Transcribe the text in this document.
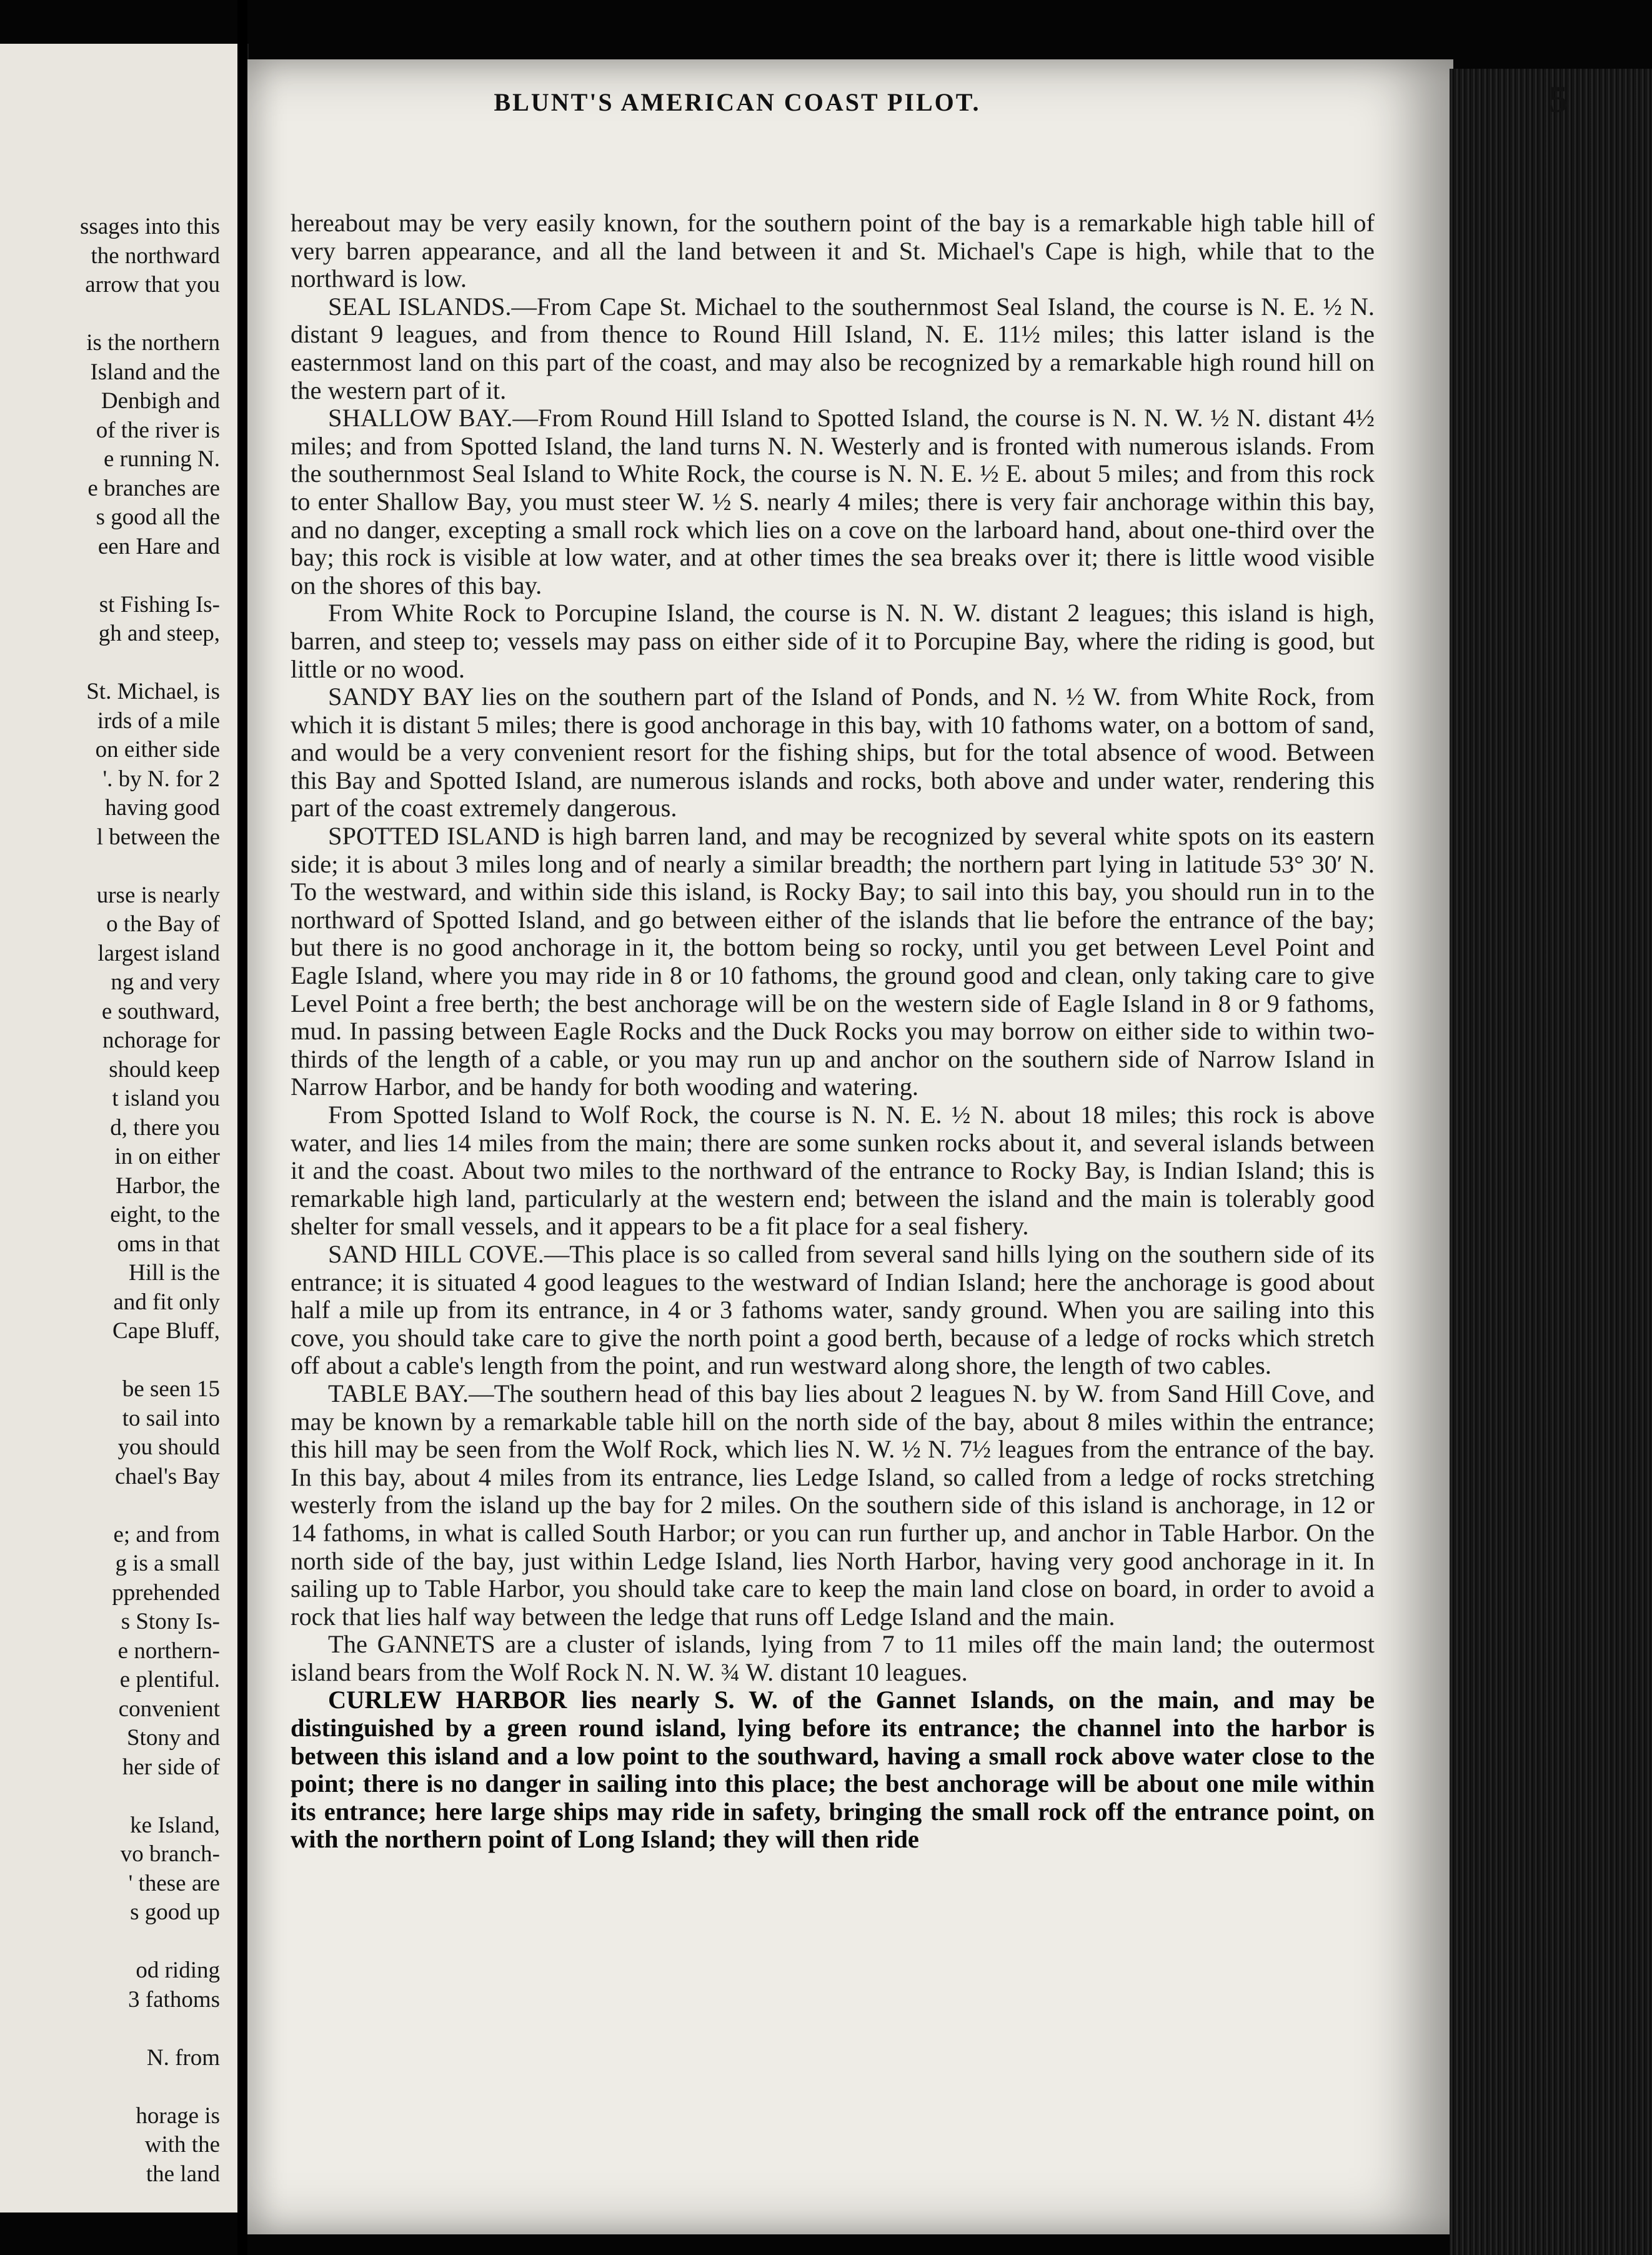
ssages into this
the northward
arrow that you
is the northern
Island and the
Denbigh and
of the river is
e running N.
e branches are
s good all the
een Hare and
st Fishing Is-
gh and steep,
St. Michael, is
irds of a mile
on either side
'. by N. for 2
having good
l between the
urse is nearly
o the Bay of
largest island
ng and very
e southward,
nchorage for
should keep
t island you
d, there you
in on either
Harbor, the
eight, to the
oms in that
Hill is the
and fit only
Cape Bluff,
be seen 15
to sail into
you should
chael's Bay
e; and from
g is a small
pprehended
s Stony Is-
e northern-
e plentiful.
convenient
Stony and
her side of
ke Island,
vo branch-
' these are
s good up
od riding
3 fathoms
N. from
horage is
with the
the land
BLUNT'S AMERICAN COAST PILOT.	5

hereabout may be very easily known, for the southern point of the bay is a remarkable high table hill of very barren appearance, and all the land between it and St. Michael's Cape is high, while that to the northward is low.

SEAL ISLANDS.—From Cape St. Michael to the southernmost Seal Island, the course is N. E. ½ N. distant 9 leagues, and from thence to Round Hill Island, N. E. 11½ miles; this latter island is the easternmost land on this part of the coast, and may also be recognized by a remarkable high round hill on the western part of it.

SHALLOW BAY.—From Round Hill Island to Spotted Island, the course is N. N. W. ½ N. distant 4½ miles; and from Spotted Island, the land turns N. N. Westerly and is fronted with numerous islands. From the southernmost Seal Island to White Rock, the course is N. N. E. ½ E. about 5 miles; and from this rock to enter Shallow Bay, you must steer W. ½ S. nearly 4 miles; there is very fair anchorage within this bay, and no danger, excepting a small rock which lies on a cove on the larboard hand, about one-third over the bay; this rock is visible at low water, and at other times the sea breaks over it; there is little wood visible on the shores of this bay.

From White Rock to Porcupine Island, the course is N. N. W. distant 2 leagues; this island is high, barren, and steep to; vessels may pass on either side of it to Porcupine Bay, where the riding is good, but little or no wood.

SANDY BAY lies on the southern part of the Island of Ponds, and N. ½ W. from White Rock, from which it is distant 5 miles; there is good anchorage in this bay, with 10 fathoms water, on a bottom of sand, and would be a very convenient resort for the fishing ships, but for the total absence of wood. Between this Bay and Spotted Island, are numerous islands and rocks, both above and under water, rendering this part of the coast extremely dangerous.

SPOTTED ISLAND is high barren land, and may be recognized by several white spots on its eastern side; it is about 3 miles long and of nearly a similar breadth; the northern part lying in latitude 53° 30′ N. To the westward, and within side this island, is Rocky Bay; to sail into this bay, you should run in to the northward of Spotted Island, and go between either of the islands that lie before the entrance of the bay; but there is no good anchorage in it, the bottom being so rocky, until you get between Level Point and Eagle Island, where you may ride in 8 or 10 fathoms, the ground good and clean, only taking care to give Level Point a free berth; the best anchorage will be on the western side of Eagle Island in 8 or 9 fathoms, mud. In passing between Eagle Rocks and the Duck Rocks you may borrow on either side to within two-thirds of the length of a cable, or you may run up and anchor on the southern side of Narrow Island in Narrow Harbor, and be handy for both wooding and watering.

From Spotted Island to Wolf Rock, the course is N. N. E. ½ N. about 18 miles; this rock is above water, and lies 14 miles from the main; there are some sunken rocks about it, and several islands between it and the coast. About two miles to the northward of the entrance to Rocky Bay, is Indian Island; this is remarkable high land, particularly at the western end; between the island and the main is tolerably good shelter for small vessels, and it appears to be a fit place for a seal fishery.

SAND HILL COVE.—This place is so called from several sand hills lying on the southern side of its entrance; it is situated 4 good leagues to the westward of Indian Island; here the anchorage is good about half a mile up from its entrance, in 4 or 3 fathoms water, sandy ground. When you are sailing into this cove, you should take care to give the north point a good berth, because of a ledge of rocks which stretch off about a cable's length from the point, and run westward along shore, the length of two cables.

TABLE BAY.—The southern head of this bay lies about 2 leagues N. by W. from Sand Hill Cove, and may be known by a remarkable table hill on the north side of the bay, about 8 miles within the entrance; this hill may be seen from the Wolf Rock, which lies N. W. ½ N. 7½ leagues from the entrance of the bay. In this bay, about 4 miles from its entrance, lies Ledge Island, so called from a ledge of rocks stretching westerly from the island up the bay for 2 miles. On the southern side of this island is anchorage, in 12 or 14 fathoms, in what is called South Harbor; or you can run further up, and anchor in Table Harbor. On the north side of the bay, just within Ledge Island, lies North Harbor, having very good anchorage in it. In sailing up to Table Harbor, you should take care to keep the main land close on board, in order to avoid a rock that lies half way between the ledge that runs off Ledge Island and the main.

The GANNETS are a cluster of islands, lying from 7 to 11 miles off the main land; the outermost island bears from the Wolf Rock N. N. W. ¾ W. distant 10 leagues.

CURLEW HARBOR lies nearly S. W. of the Gannet Islands, on the main, and may be distinguished by a green round island, lying before its entrance; the channel into the harbor is between this island and a low point to the southward, having a small rock above water close to the point; there is no danger in sailing into this place; the best anchorage will be about one mile within its entrance; here large ships may ride in safety, bringing the small rock off the entrance point, on with the northern point of Long Island; they will then ride
